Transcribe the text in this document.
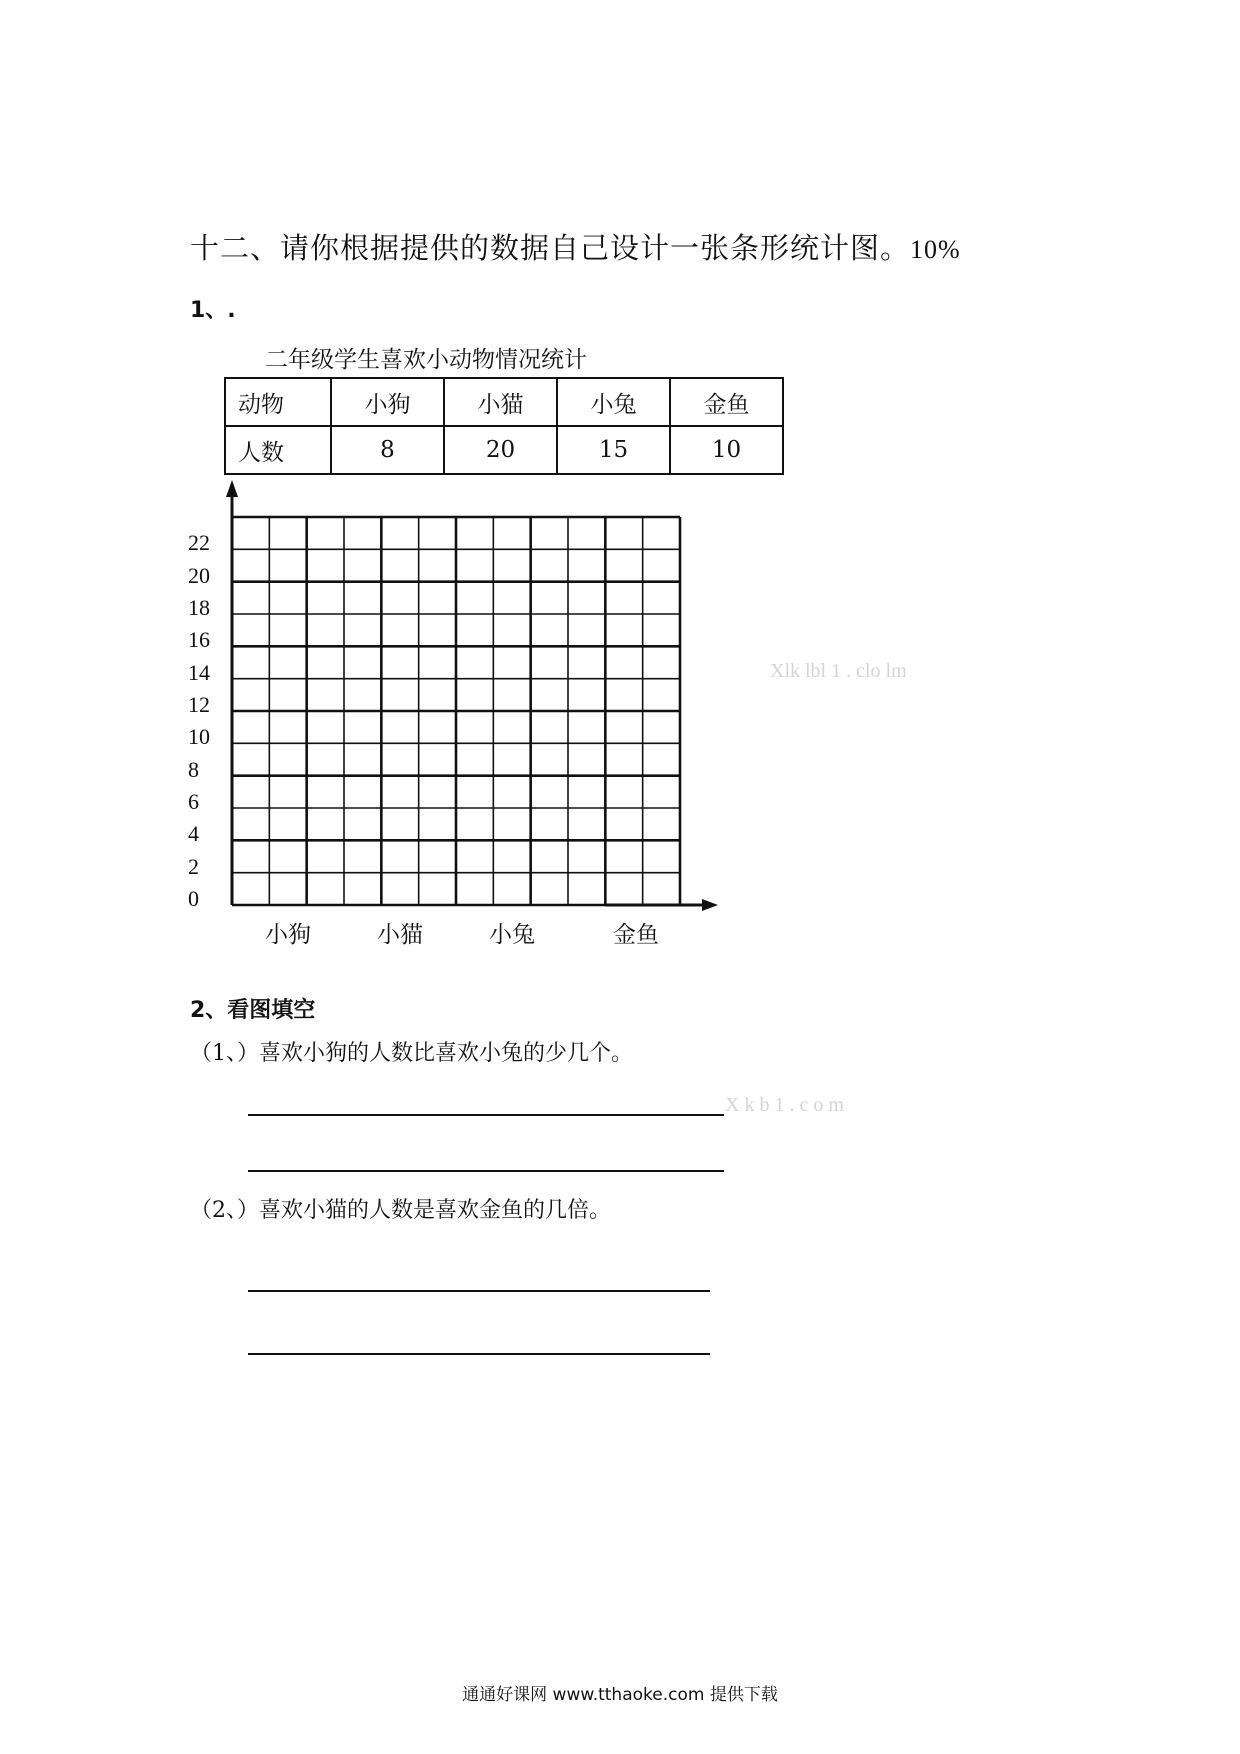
十二、请你根据提供的数据自己设计一张条形统计图。10%
1、.
二年级学生喜欢小动物情况统计
动物	小狗	小猫	小兔	金鱼
人数	8	20	15	10
0
2
4
6
8
10
12
14
16
18
20
22
小狗	小猫	小兔	金鱼
Xlk lbl 1 . clo lm
2、看图填空
（1、）喜欢小狗的人数比喜欢小兔的少几个。
X k b 1 . c o m
（2、）喜欢小猫的人数是喜欢金鱼的几倍。
通通好课网 www.tthaoke.com 提供下载
